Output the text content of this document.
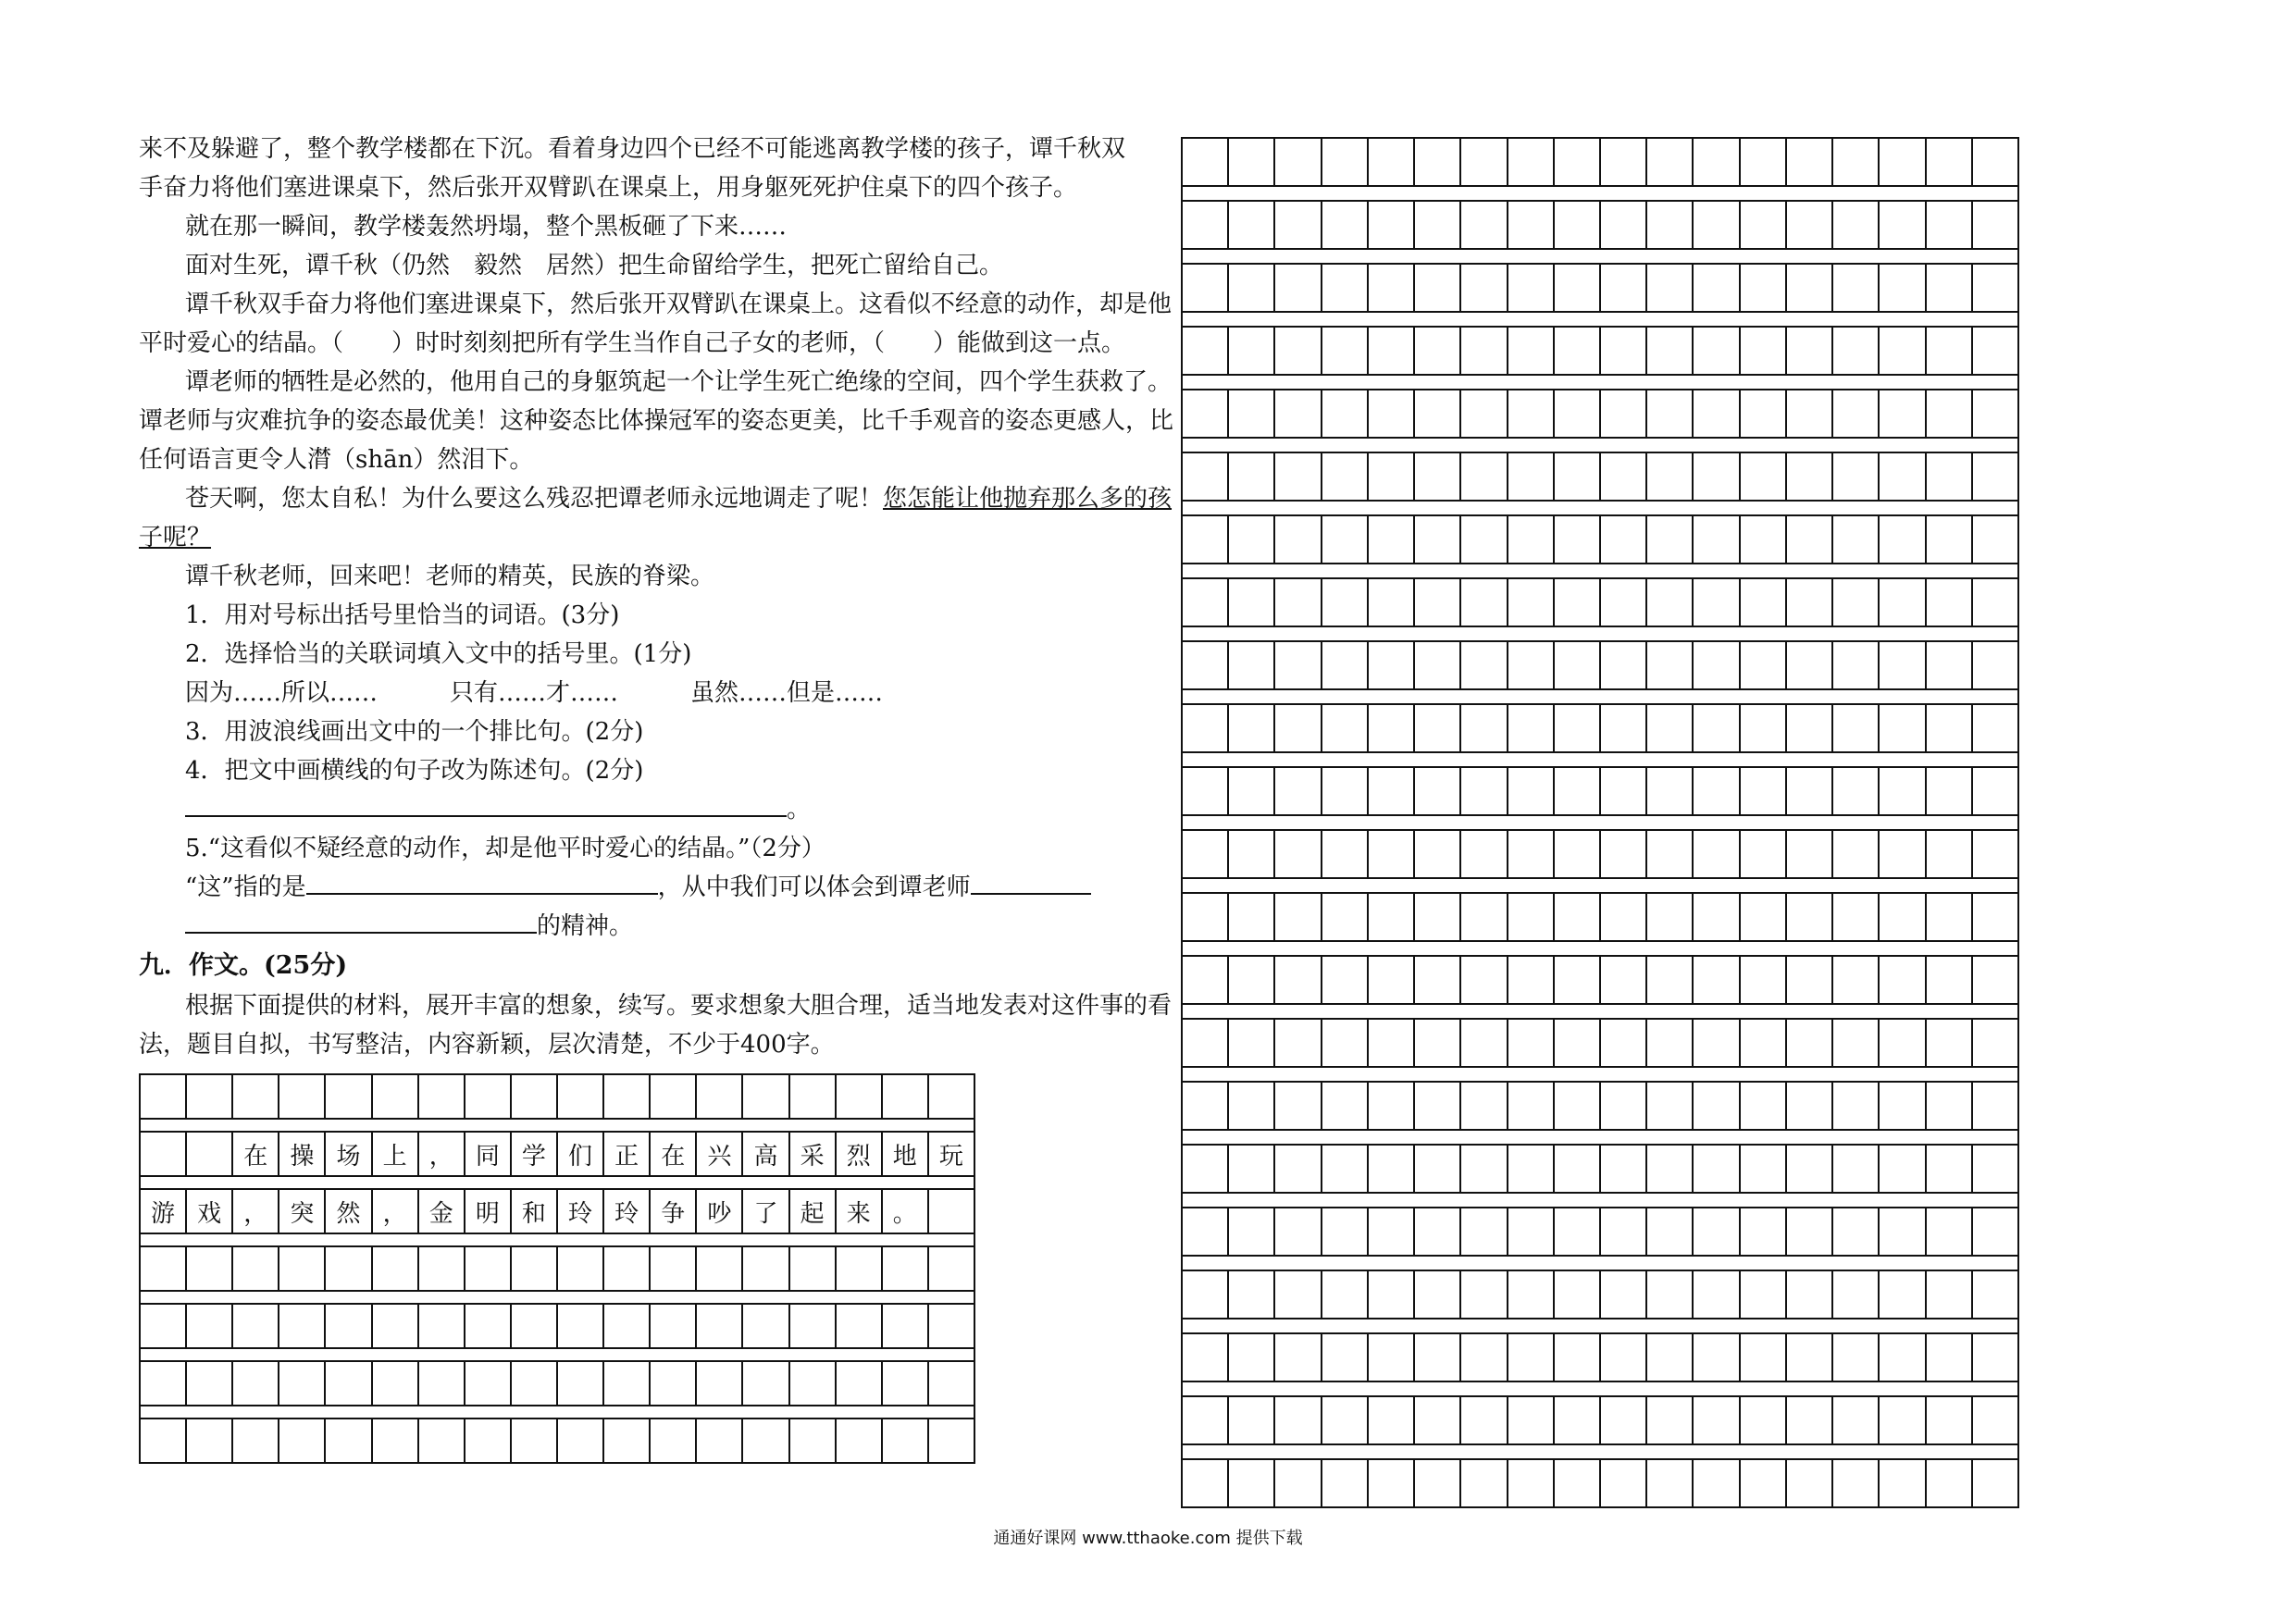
来不及躲避了，整个教学楼都在下沉。看着身边四个已经不可能逃离教学楼的孩子，谭千秋双

手奋力将他们塞进课桌下，然后张开双臂趴在课桌上，用身躯死死护住桌下的四个孩子。

就在那一瞬间，教学楼轰然坍塌，整个黑板砸了下来……

面对生死，谭千秋（仍然　毅然　居然）把生命留给学生，把死亡留给自己。

谭千秋双手奋力将他们塞进课桌下，然后张开双臂趴在课桌上。这看似不经意的动作，却是他

平时爱心的结晶。（　　）时时刻刻把所有学生当作自己子女的老师，（　　）能做到这一点。

谭老师的牺牲是必然的，他用自己的身躯筑起一个让学生死亡绝缘的空间，四个学生获救了。

谭老师与灾难抗争的姿态最优美！这种姿态比体操冠军的姿态更美，比千手观音的姿态更感人，比

任何语言更令人潸（shān）然泪下。

苍天啊，您太自私！为什么要这么残忍把谭老师永远地调走了呢！您怎能让他抛弃那么多的孩

子呢？

谭千秋老师，回来吧！老师的精英，民族的脊梁。

1．用对号标出括号里恰当的词语。(3分)

2．选择恰当的关联词填入文中的括号里。(1分)

因为……所以……　　　只有……才……　　　虽然……但是……

3．用波浪线画出文中的一个排比句。(2分)

4．把文中画横线的句子改为陈述句。(2分)

。

5.“这看似不疑经意的动作，却是他平时爱心的结晶。”（2分）

“这”指的是	，从中我们可以体会到谭老师

的精神。

九．作文。(25分)

根据下面提供的材料，展开丰富的想象，续写。要求想象大胆合理，适当地发表对这件事的看

法，题目自拟，书写整洁，内容新颖，层次清楚，不少于400字。

在 操 场 上 ， 同 学 们 正 在 兴 高 采 烈 地 玩
游 戏 ， 突 然 ， 金 明 和 玲 玲 争 吵 了 起 来 。
通通好课网 www.tthaoke.com 提供下载
